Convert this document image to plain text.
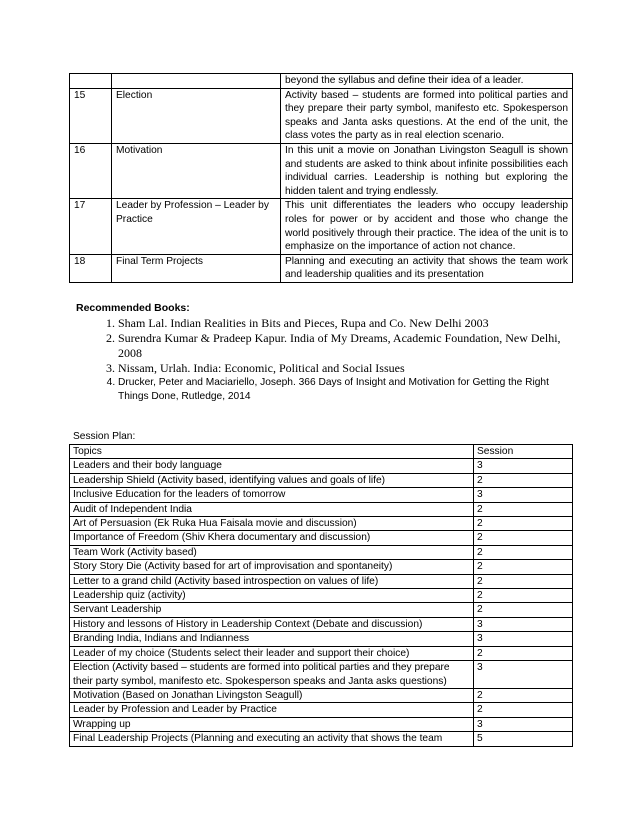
		beyond the syllabus and define their idea of a leader.
15	Election	Activity based – students are formed into political parties and they prepare their party symbol, manifesto etc. Spokesperson speaks and Janta asks questions. At the end of the unit, the class votes the party as in real election scenario.
16	Motivation	In this unit a movie on Jonathan Livingston Seagull is shown and students are asked to think about infinite possibilities each individual carries. Leadership is nothing but exploring the hidden talent and trying endlessly.
17	Leader by Profession – Leader by Practice	This unit differentiates the leaders who occupy leadership roles for power or by accident and those who change the world positively through their practice. The idea of the unit is to emphasize on the importance of action not chance.
18	Final Term Projects	Planning and executing an activity that shows the team work and leadership qualities and its presentation
Recommended Books:
1. Sham Lal. Indian Realities in Bits and Pieces, Rupa and Co. New Delhi 2003
2. Surendra Kumar & Pradeep Kapur. India of My Dreams, Academic Foundation, New Delhi, 2008
3. Nissam, Urlah. India: Economic, Political and Social Issues
4. Drucker, Peter and Maciariello, Joseph. 366 Days of Insight and Motivation for Getting the Right Things Done, Rutledge, 2014
Session Plan:
Topics	Session
Leaders and their body language	3
Leadership Shield (Activity based, identifying values and goals of life)	2
Inclusive Education for the leaders of tomorrow	3
Audit of Independent India	2
Art of Persuasion (Ek Ruka Hua Faisala movie and discussion)	2
Importance of Freedom (Shiv Khera documentary and discussion)	2
Team Work (Activity based)	2
Story Story Die (Activity based for art of improvisation and spontaneity)	2
Letter to a grand child (Activity based introspection on values of life)	2
Leadership quiz (activity)	2
Servant Leadership	2
History and lessons of History in Leadership Context (Debate and discussion)	3
Branding India, Indians and Indianness	3
Leader of my choice (Students select their leader and support their choice)	2
Election (Activity based – students are formed into political parties and they prepare their party symbol, manifesto etc. Spokesperson speaks and Janta asks questions)	3
Motivation (Based on Jonathan Livingston Seagull)	2
Leader by Profession and Leader by Practice	2
Wrapping up	3
Final Leadership Projects (Planning and executing an activity that shows the team	5
